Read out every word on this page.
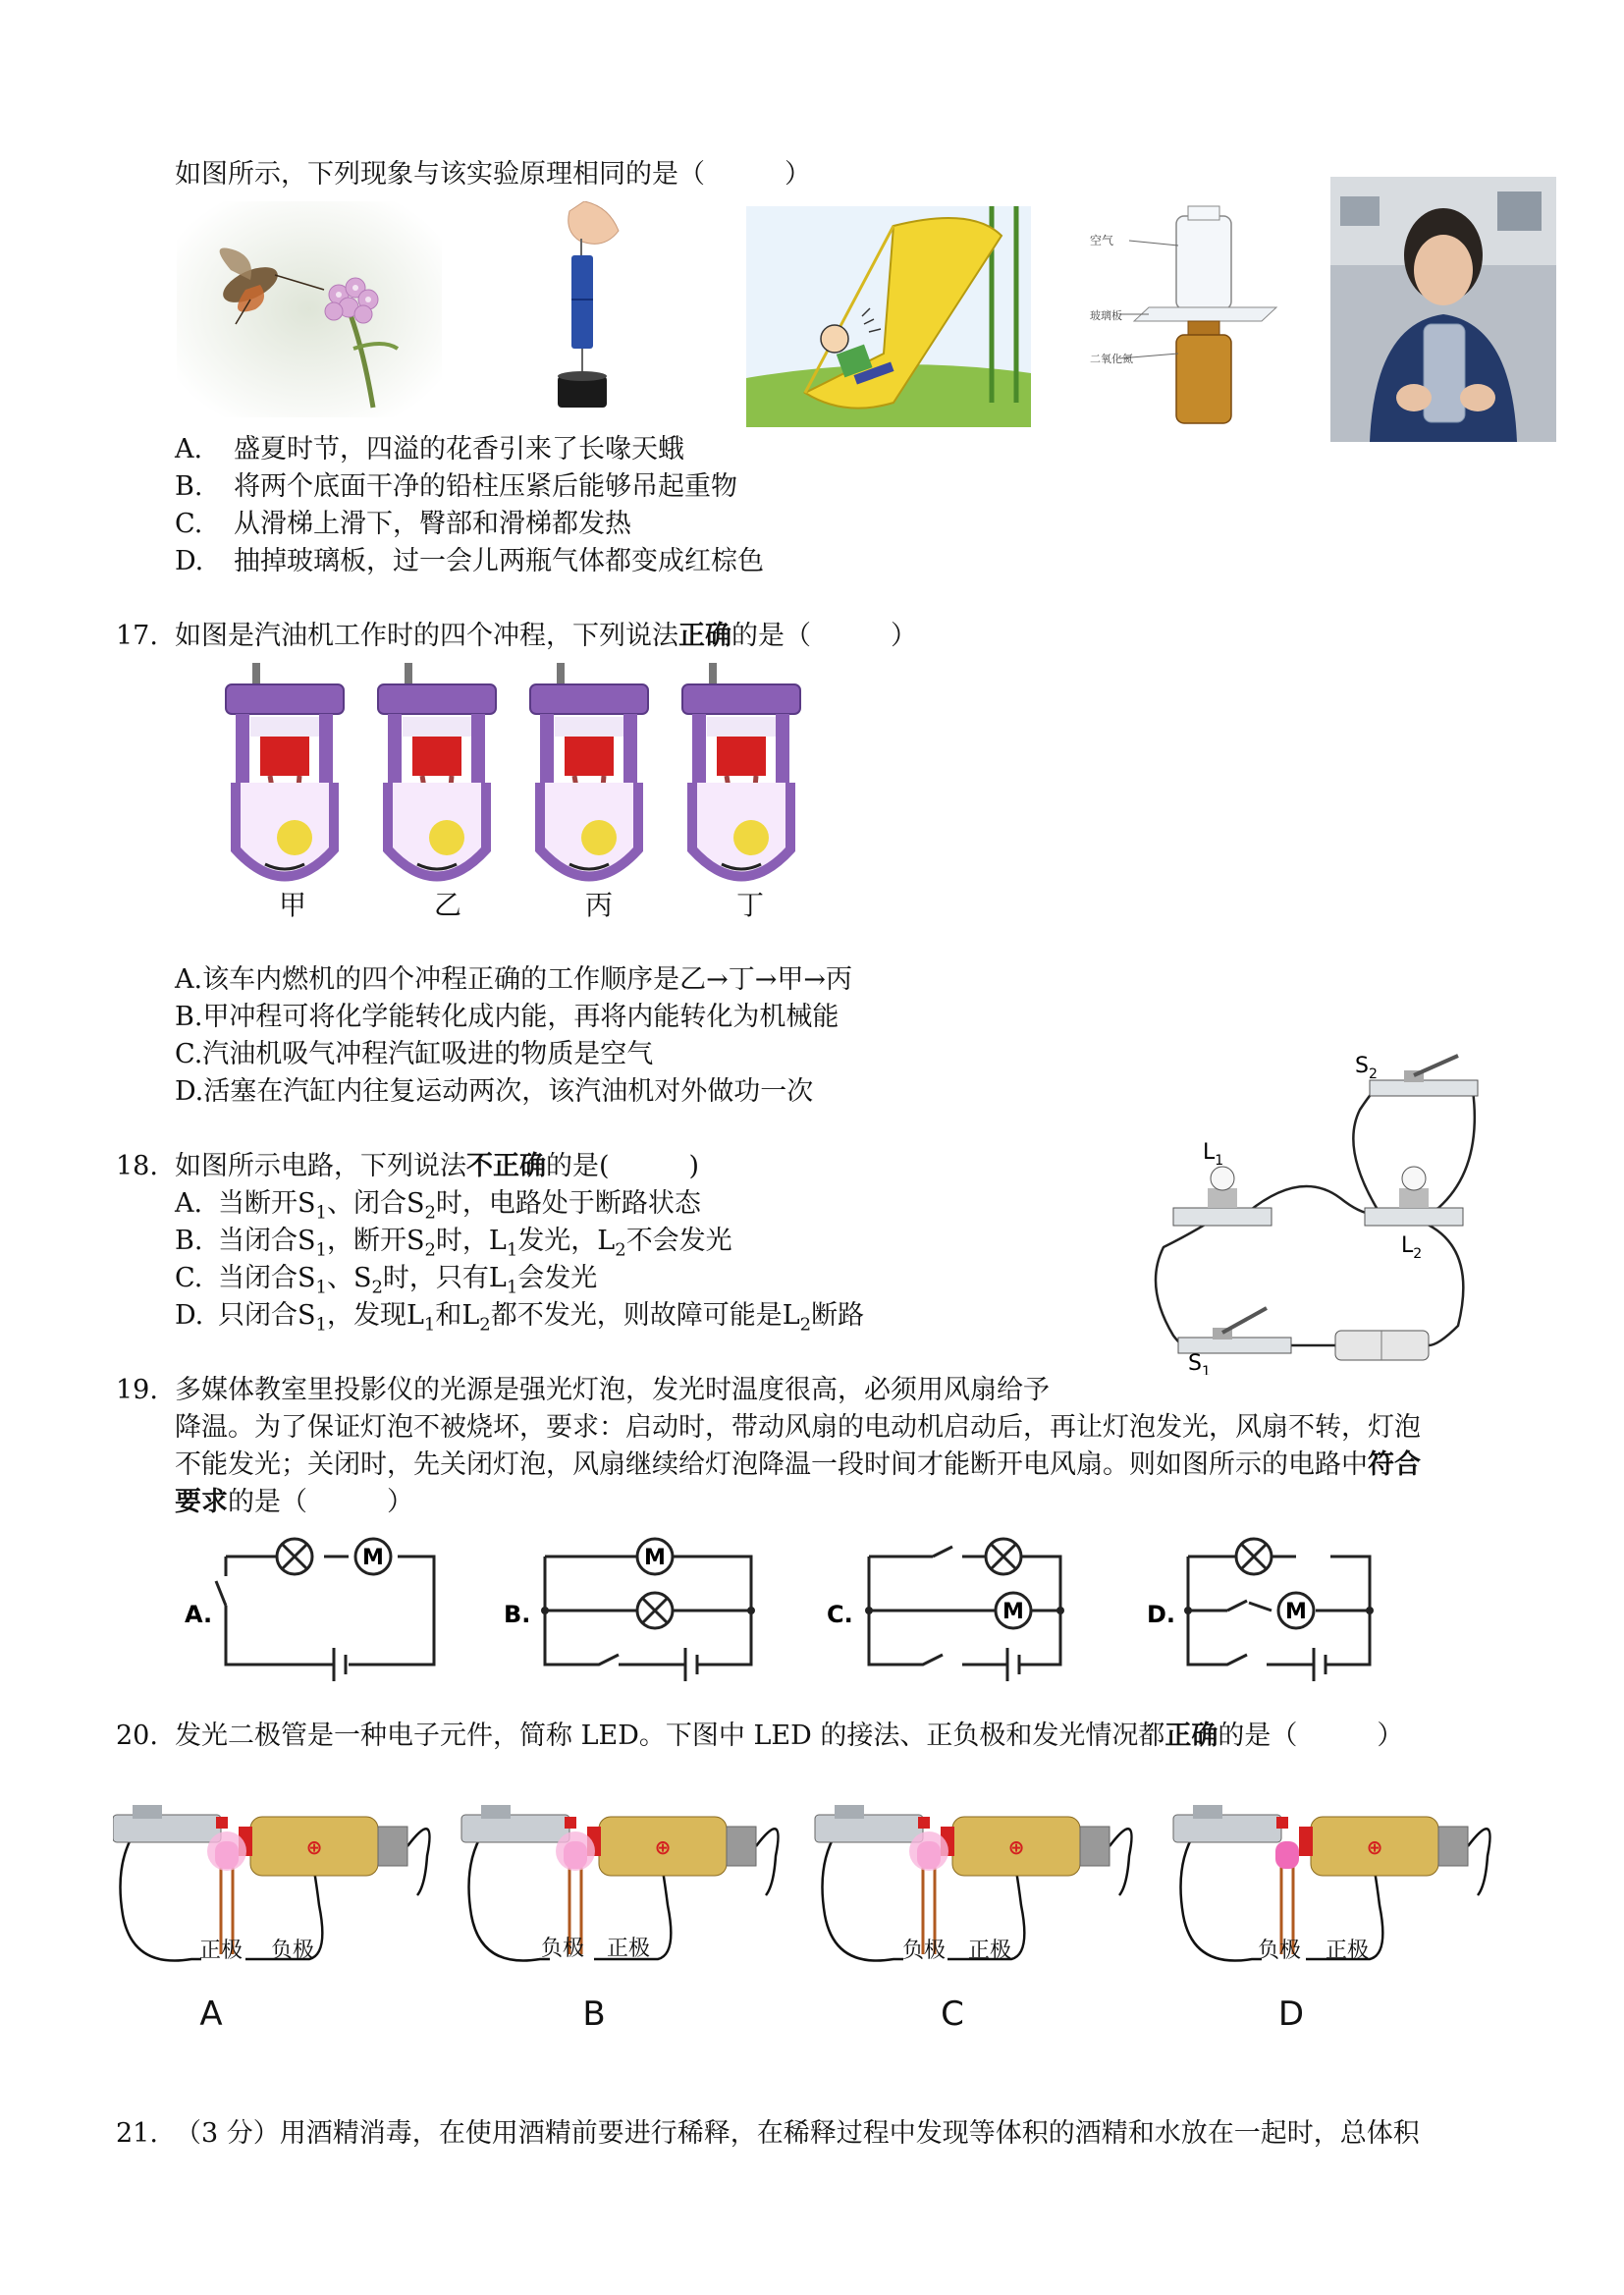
如图所示，下列现象与该实验原理相同的是（　　　）
空气
玻璃板
二氧化氮
A. 盛夏时节，四溢的花香引来了长喙天蛾
B. 将两个底面干净的铅柱压紧后能够吊起重物
C. 从滑梯上滑下，臀部和滑梯都发热
D. 抽掉玻璃板，过一会儿两瓶气体都变成红棕色
17. 如图是汽油机工作时的四个冲程，下列说法正确的是（　　　）
甲	乙	丙	丁
A.该车内燃机的四个冲程正确的工作顺序是乙→丁→甲→丙
B.甲冲程可将化学能转化成内能，再将内能转化为机械能
C.汽油机吸气冲程汽缸吸进的物质是空气
D.活塞在汽缸内往复运动两次，该汽油机对外做功一次
18. 如图所示电路，下列说法不正确的是(　　　)
A. 当断开$S_1$、闭合$S_2$时，电路处于断路状态
B. 当闭合$S_1$，断开$S_2$时，$L_1$发光，$L_2$不会发光
C. 当闭合$S_1$、$S_2$时，只有$L_1$会发光
D. 只闭合$S_1$，发现$L_1$和$L_2$都不发光，则故障可能是$L_2$断路
$S_2$
$L_1$
$L_2$
$S_1$
19. 多媒体教室里投影仪的光源是强光灯泡，发光时温度很高，必须用风扇给予
降温。为了保证灯泡不被烧坏，要求：启动时，带动风扇的电动机启动后，再让灯泡发光，风扇不转，灯泡
不能发光；关闭时，先关闭灯泡，风扇继续给灯泡降温一段时间才能断开电风扇。则如图所示的电路中符合
要求的是（　　　）
M	M
M	M
A.	B.	C.	D.
20. 发光二极管是一种电子元件，简称 LED。下图中 LED 的接法、正负极和发光情况都正确的是（　　　）
⊕	⊕	⊕	⊕
正极 负极	负极 正极	负极 正极	负极 正极
A	B	C	D
21. （3 分）用酒精消毒，在使用酒精前要进行稀释，在稀释过程中发现等体积的酒精和水放在一起时，总体积
